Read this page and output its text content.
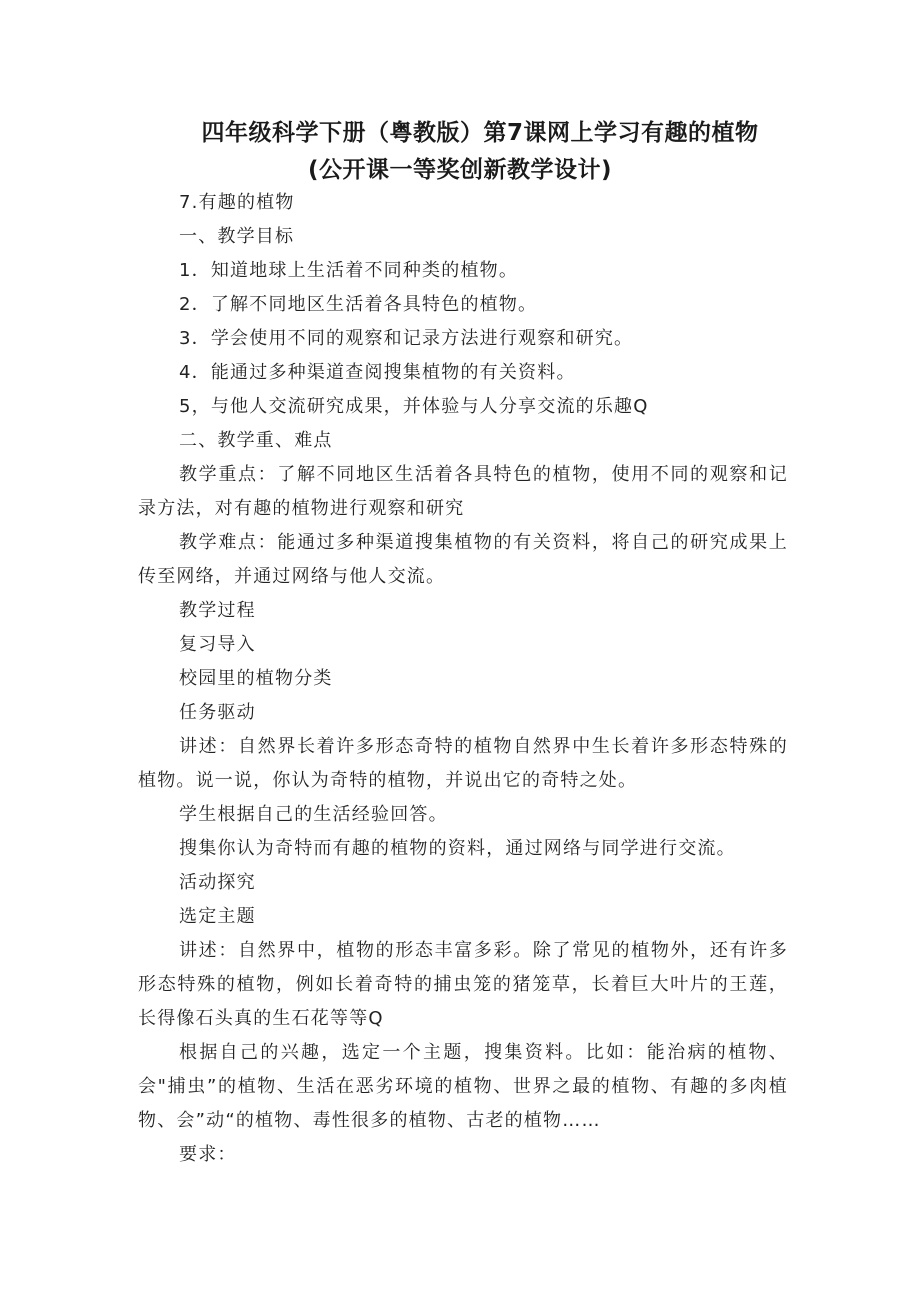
四年级科学下册（粤教版）第7课网上学习有趣的植物
(公开课一等奖创新教学设计)

7.有趣的植物

一、教学目标

1．知道地球上生活着不同种类的植物。

2．了解不同地区生活着各具特色的植物。

3．学会使用不同的观察和记录方法进行观察和研究。

4．能通过多种渠道查阅搜集植物的有关资料。

5，与他人交流研究成果，并体验与人分享交流的乐趣Q

二、教学重、难点

教学重点：了解不同地区生活着各具特色的植物，使用不同的观察和记录方法，对有趣的植物进行观察和研究

教学难点：能通过多种渠道搜集植物的有关资料，将自己的研究成果上传至网络，并通过网络与他人交流。

教学过程

复习导入

校园里的植物分类

任务驱动

讲述：自然界长着许多形态奇特的植物自然界中生长着许多形态特殊的植物。说一说，你认为奇特的植物，并说出它的奇特之处。

学生根据自己的生活经验回答。

搜集你认为奇特而有趣的植物的资料，通过网络与同学进行交流。

活动探究

选定主题

讲述：自然界中，植物的形态丰富多彩。除了常见的植物外，还有许多形态特殊的植物，例如长着奇特的捕虫笼的猪笼草，长着巨大叶片的王莲，长得像石头真的生石花等等Q

根据自己的兴趣，选定一个主题，搜集资料。比如：能治病的植物、会"捕虫”的植物、生活在恶劣环境的植物、世界之最的植物、有趣的多肉植物、会”动“的植物、毒性很多的植物、古老的植物……

要求：
